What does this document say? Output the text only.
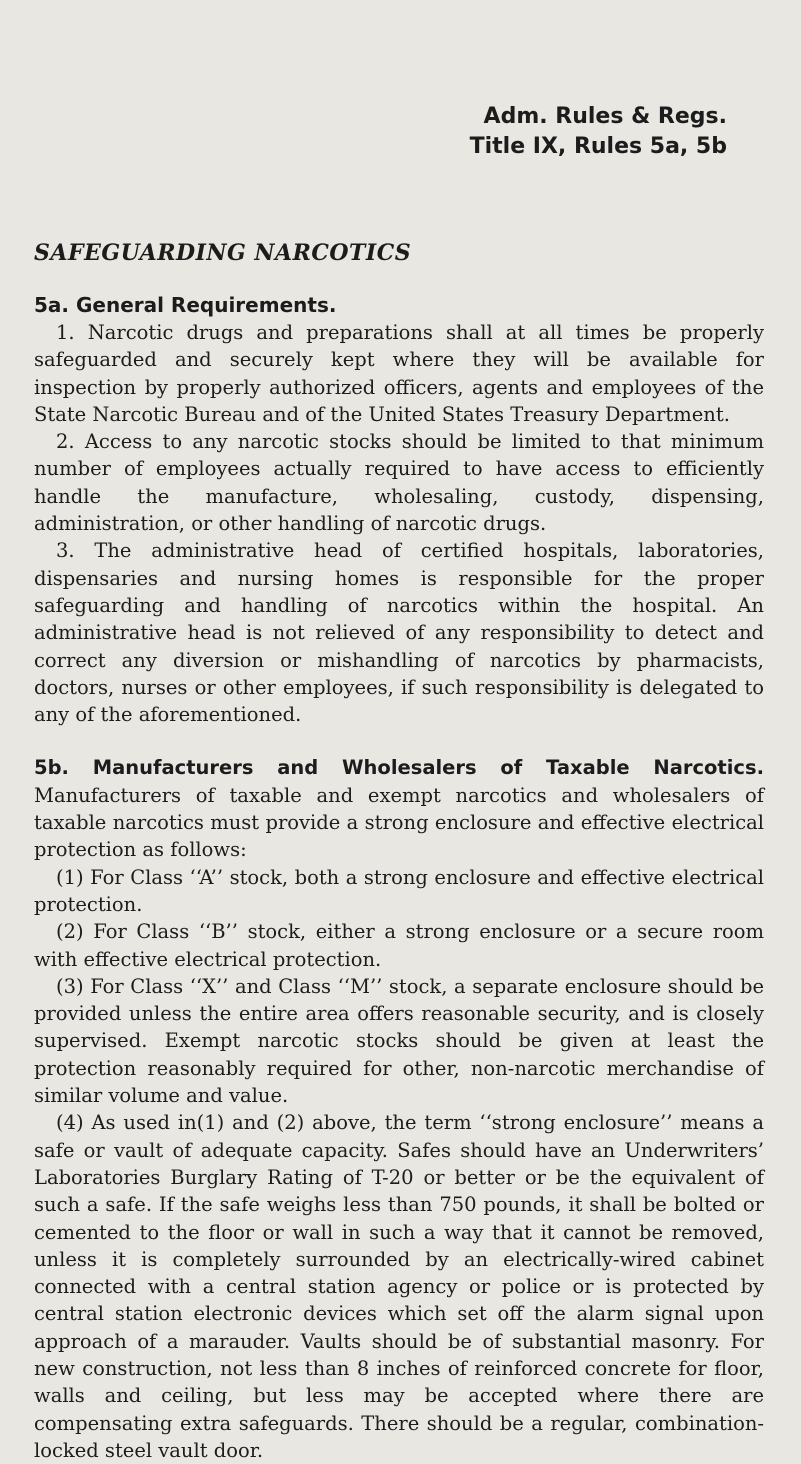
Adm. Rules & Regs.
Title IX, Rules 5a, 5b
SAFEGUARDING NARCOTICS

5a. General Requirements.

1. Narcotic drugs and preparations shall at all times be properly safeguarded and securely kept where they will be available for inspection by properly authorized officers, agents and employees of the State Narcotic Bureau and of the United States Treasury Department.

2. Access to any narcotic stocks should be limited to that minimum number of employees actually required to have access to efficiently handle the manufacture, wholesaling, custody, dispensing, administration, or other handling of narcotic drugs.

3. The administrative head of certified hospitals, laboratories, dispensaries and nursing homes is responsible for the proper safeguarding and handling of narcotics within the hospital. An administrative head is not relieved of any responsibility to detect and correct any diversion or mishandling of narcotics by pharmacists, doctors, nurses or other employees, if such responsibility is delegated to any of the aforementioned.

5b. Manufacturers and Wholesalers of Taxable Narcotics. Manufacturers of taxable and exempt narcotics and wholesalers of taxable narcotics must provide a strong enclosure and effective electrical protection as follows:

(1) For Class ‘‘A’’ stock, both a strong enclosure and effective electrical protection.

(2) For Class ‘‘B’’ stock, either a strong enclosure or a secure room with effective electrical protection.

(3) For Class ‘‘X’’ and Class ‘‘M’’ stock, a separate enclosure should be provided unless the entire area offers reasonable security, and is closely supervised. Exempt narcotic stocks should be given at least the protection reasonably required for other, non-narcotic merchandise of similar volume and value.

(4) As used in(1) and (2) above, the term ‘‘strong enclosure’’ means a safe or vault of adequate capacity. Safes should have an Underwriters’ Laboratories Burglary Rating of T-20 or better or be the equivalent of such a safe. If the safe weighs less than 750 pounds, it shall be bolted or cemented to the floor or wall in such a way that it cannot be removed, unless it is completely surrounded by an electrically-wired cabinet connected with a central station agency or police or is protected by central station electronic devices which set off the alarm signal upon approach of a marauder. Vaults should be of substantial masonry. For new construction, not less than 8 inches of reinforced concrete for floor, walls and ceiling, but less may be accepted where there are compensating extra safeguards. There should be a regular, combination-locked steel vault door.
